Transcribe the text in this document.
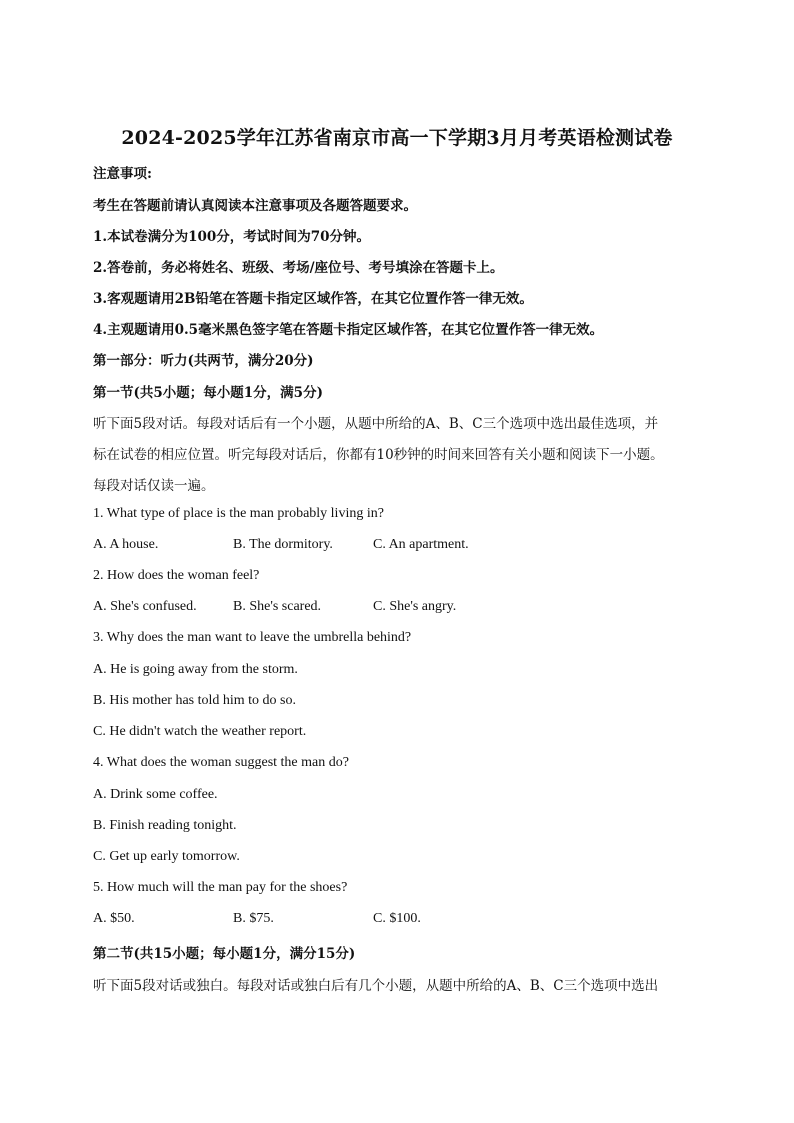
2024-2025学年江苏省南京市高一下学期3月月考英语检测试卷
注意事项:
考生在答题前请认真阅读本注意事项及各题答题要求。
1.本试卷满分为100分，考试时间为70分钟。
2.答卷前，务必将姓名、班级、考场/座位号、考号填涂在答题卡上。
3.客观题请用2B铅笔在答题卡指定区域作答，在其它位置作答一律无效。
4.主观题请用0.5毫米黑色签字笔在答题卡指定区域作答，在其它位置作答一律无效。
第一部分：听力(共两节，满分20分)
第一节(共5小题；每小题1分，满5分)
听下面5段对话。每段对话后有一个小题，从题中所给的A、B、C三个选项中选出最佳选项，并
标在试卷的相应位置。听完每段对话后，你都有10秒钟的时间来回答有关小题和阅读下一小题。
每段对话仅读一遍。
1. What type of place is the man probably living in?
A. A house.	B. The dormitory.	C. An apartment.
2. How does the woman feel?
A. She's confused.	B. She's scared.	C. She's angry.
3. Why does the man want to leave the umbrella behind?
A. He is going away from the storm.
B. His mother has told him to do so.
C. He didn't watch the weather report.
4. What does the woman suggest the man do?
A. Drink some coffee.
B. Finish reading tonight.
C. Get up early tomorrow.
5. How much will the man pay for the shoes?
A. $50.	B. $75.	C. $100.
第二节(共15小题；每小题1分，满分15分)
听下面5段对话或独白。每段对话或独白后有几个小题，从题中所给的A、B、C三个选项中选出
